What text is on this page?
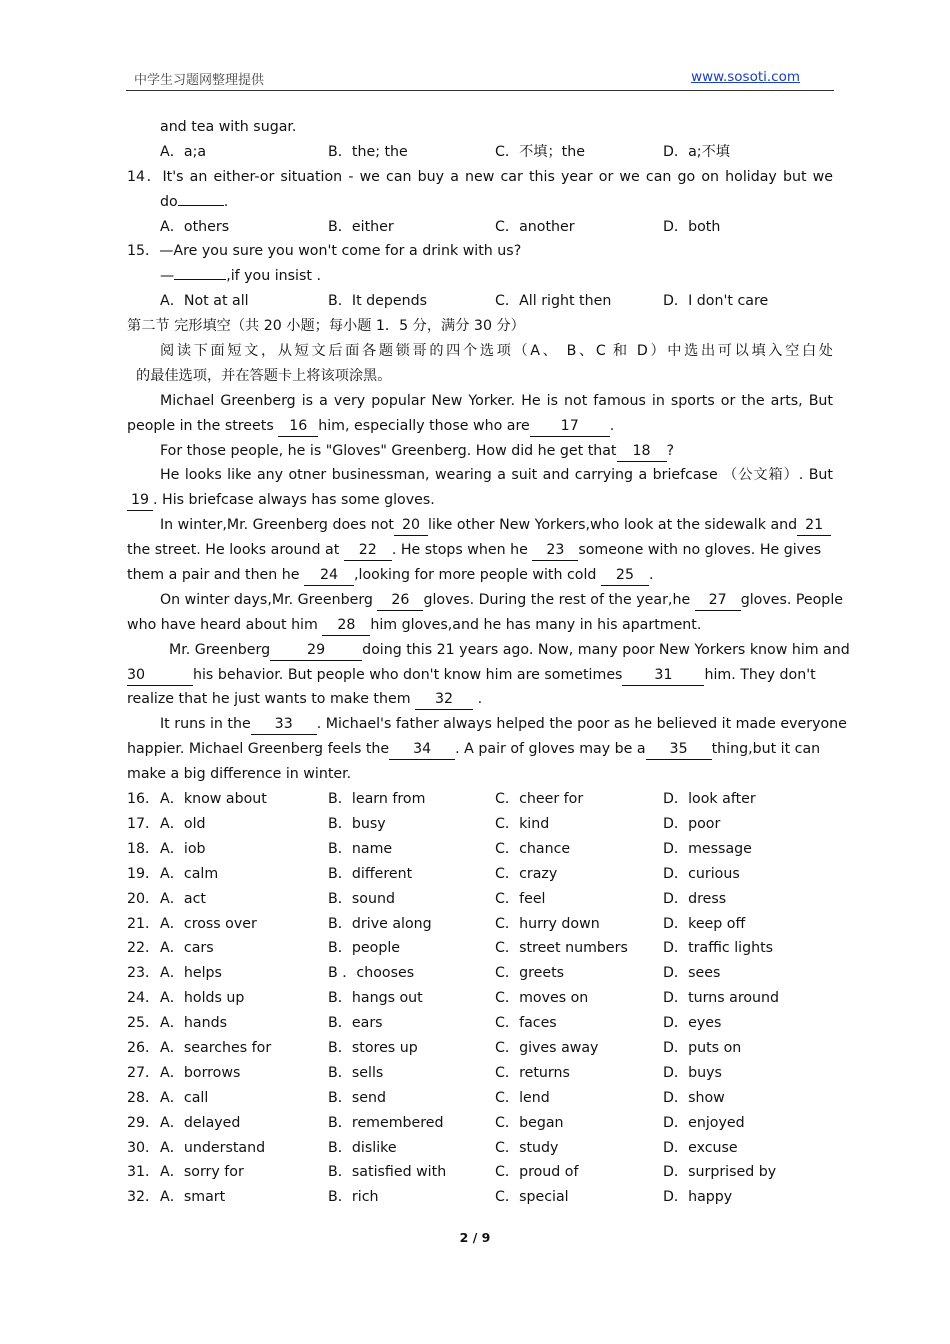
中学生习题网整理提供	www.sosoti.com
and tea with sugar.
A．a;a	B．the; the	C．不填；the	D．a;不填
14．It's an either-or situation - we can buy a new car this year or we can go on holiday but we
do	.
A．others	B．either	C．another	D．both
15．—Are you sure you won't come for a drink with us?
—	,if you insist .
A．Not at all	B．It depends	C．All right then	D．I don't care
第二节 完形填空（共 20 小题；每小题 1．5 分，满分 30 分）
阅读下面短文，从短文后面各题锁哥的四个选项（A、 B、C 和 D）中选出可以填入空白处
的最佳选项，并在答题卡上将该项涂黑。
Michael Greenberg is a very popular New Yorker. He is not famous in sports or the arts, But
people in the streets 16 him, especially those who are 17 .
For those people, he is "Gloves" Greenberg. How did he get that 18 ?
He looks like any otner businessman, wearing a suit and carrying a briefcase （公文箱）. But
19 . His briefcase always has some gloves.
In winter,Mr. Greenberg does not 20 like other New Yorkers,who look at the sidewalk and 21
the street. He looks around at 22 . He stops when he 23 someone with no gloves. He gives
them a pair and then he 24 ,looking for more people with cold 25 .
On winter days,Mr. Greenberg 26 gloves. During the rest of the year,he 27 gloves. People
who have heard about him 28 him gloves,and he has many in his apartment.
Mr. Greenberg	29	doing this 21 years ago. Now, many poor New Yorkers know him and
30	his behavior. But people who don't know him are sometimes 31 him. They don't
realize that he just wants to make them 32 .
It runs in the 33 . Michael's father always helped the poor as he believed it made everyone
happier. Michael Greenberg feels the 34 . A pair of gloves may be a 35 thing,but it can
make a big difference in winter.
16． A．know about	B．learn from	C．cheer for	D．look after
17． A．old	B．busy	C．kind	D．poor
18． A．iob	B．name	C．chance	D．message
19． A．calm	B．different	C．crazy	D．curious
20． A．act	B．sound	C．feel	D．dress
21． A．cross over	B．drive along	C．hurry down	D．keep off
22． A．cars	B．people	C．street numbers D．traffic lights
23． A．helps	B ．chooses	C．greets	D．sees
24． A．holds up	B．hangs out	C．moves on	D．turns around
25． A．hands	B．ears	C．faces	D．eyes
26． A．searches for	B．stores up	C．gives away	D．puts on
27． A．borrows	B．sells	C．returns	D．buys
28． A．call	B．send	C．lend	D．show
29． A．delayed	B．remembered	C．began	D．enjoyed
30． A．understand	B．dislike	C．study	D．excuse
31． A．sorry for	B．satisfied with	C．proud of	D．surprised by
32． A．smart	B．rich	C．special	D．happy
2 / 9
